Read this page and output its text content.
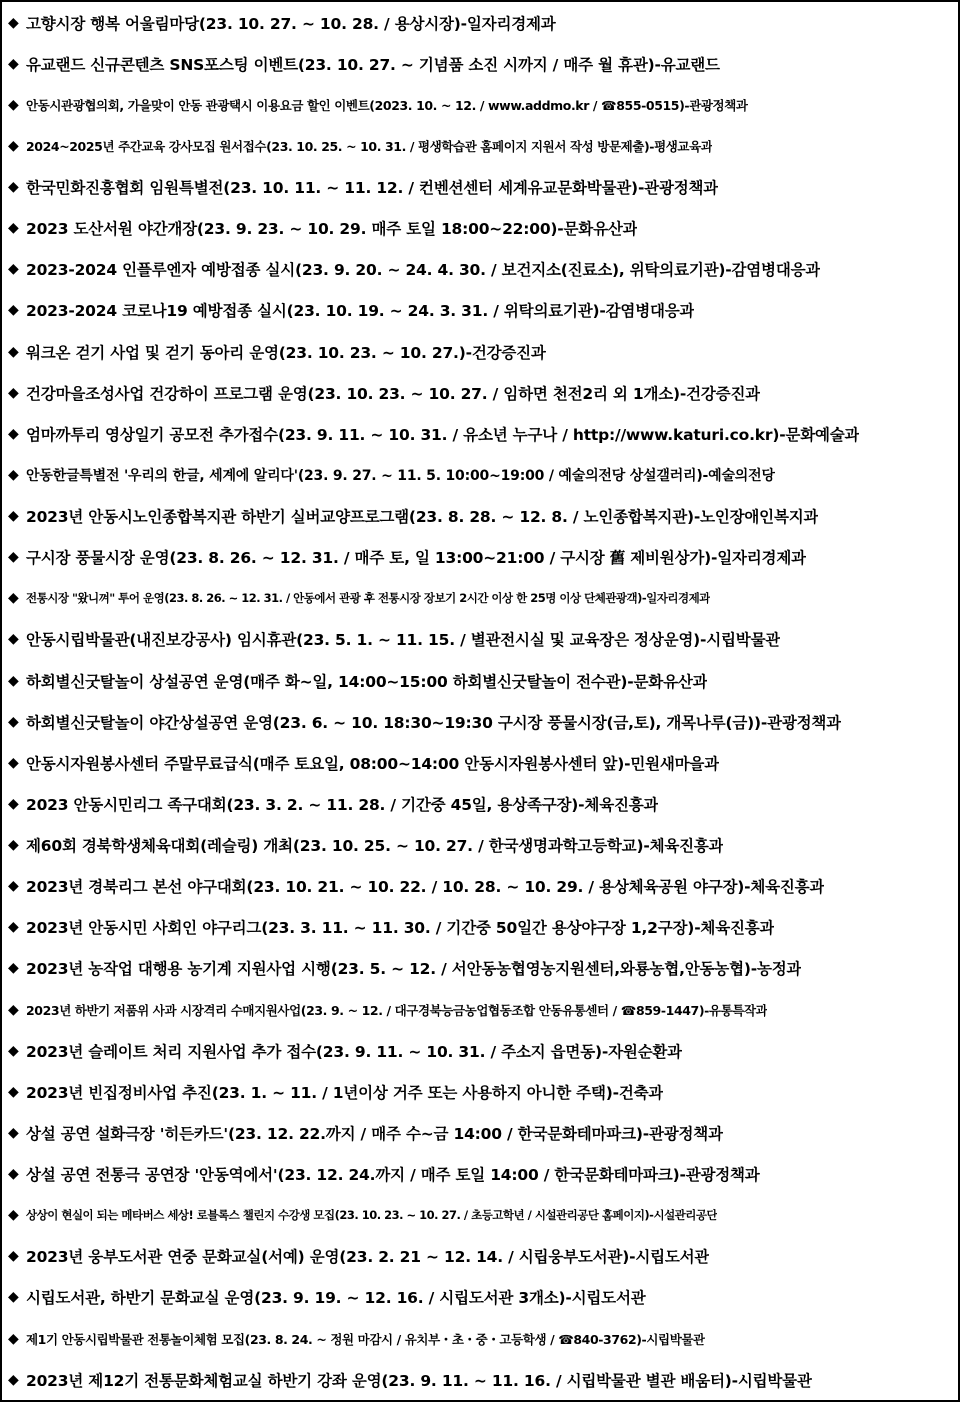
◆ 고향시장 행복 어울림마당(23. 10. 27. ~ 10. 28. / 용상시장)-일자리경제과
◆ 유교랜드 신규콘텐츠 SNS포스팅 이벤트(23. 10. 27. ~ 기념품 소진 시까지 / 매주 월 휴관)-유교랜드
◆ 안동시관광협의회, 가을맞이 안동 관광택시 이용요금 할인 이벤트(2023. 10. ~ 12. / www.addmo.kr / ☎855-0515)-관광정책과
◆ 2024~2025년 주간교육 강사모집 원서접수(23. 10. 25. ~ 10. 31. / 평생학습관 홈페이지 지원서 작성 방문제출)-평생교육과
◆ 한국민화진흥협회 임원특별전(23. 10. 11. ~ 11. 12. / 컨벤션센터 세계유교문화박물관)-관광정책과
◆ 2023 도산서원 야간개장(23. 9. 23. ~ 10. 29. 매주 토일 18:00~22:00)-문화유산과
◆ 2023-2024 인플루엔자 예방접종 실시(23. 9. 20. ~ 24. 4. 30. / 보건지소(진료소), 위탁의료기관)-감염병대응과
◆ 2023-2024 코로나19 예방접종 실시(23. 10. 19. ~ 24. 3. 31. / 위탁의료기관)-감염병대응과
◆ 워크온 걷기 사업 및 걷기 동아리 운영(23. 10. 23. ~ 10. 27.)-건강증진과
◆ 건강마을조성사업 건강하이 프로그램 운영(23. 10. 23. ~ 10. 27. / 임하면 천전2리 외 1개소)-건강증진과
◆ 엄마까투리 영상일기 공모전 추가접수(23. 9. 11. ~ 10. 31. / 유소년 누구나 / http://www.katuri.co.kr)-문화예술과
◆ 안동한글특별전 '우리의 한글, 세계에 알리다'(23. 9. 27. ~ 11. 5. 10:00~19:00 / 예술의전당 상설갤러리)-예술의전당
◆ 2023년 안동시노인종합복지관 하반기 실버교양프로그램(23. 8. 28. ~ 12. 8. / 노인종합복지관)-노인장애인복지과
◆ 구시장 풍물시장 운영(23. 8. 26. ~ 12. 31. / 매주 토, 일 13:00~21:00 / 구시장 舊 제비원상가)-일자리경제과
◆ 전통시장 "왔니껴" 투어 운영(23. 8. 26. ~ 12. 31. / 안동에서 관광 후 전통시장 장보기 2시간 이상 한 25명 이상 단체관광객)-일자리경제과
◆ 안동시립박물관(내진보강공사) 임시휴관(23. 5. 1. ~ 11. 15. / 별관전시실 및 교육장은 정상운영)-시립박물관
◆ 하회별신굿탈놀이 상설공연 운영(매주 화~일, 14:00~15:00 하회별신굿탈놀이 전수관)-문화유산과
◆ 하회별신굿탈놀이 야간상설공연 운영(23. 6. ~ 10. 18:30~19:30 구시장 풍물시장(금,토), 개목나루(금))-관광정책과
◆ 안동시자원봉사센터 주말무료급식(매주 토요일, 08:00~14:00 안동시자원봉사센터 앞)-민원새마을과
◆ 2023 안동시민리그 족구대회(23. 3. 2. ~ 11. 28. / 기간중 45일, 용상족구장)-체육진흥과
◆ 제60회 경북학생체육대회(레슬링) 개최(23. 10. 25. ~ 10. 27. / 한국생명과학고등학교)-체육진흥과
◆ 2023년 경북리그 본선 야구대회(23. 10. 21. ~ 10. 22. / 10. 28. ~ 10. 29. / 용상체육공원 야구장)-체육진흥과
◆ 2023년 안동시민 사회인 야구리그(23. 3. 11. ~ 11. 30. / 기간중 50일간 용상야구장 1,2구장)-체육진흥과
◆ 2023년 농작업 대행용 농기계 지원사업 시행(23. 5. ~ 12. / 서안동농협영농지원센터,와룡농협,안동농협)-농정과
◆ 2023년 하반기 저품위 사과 시장격리 수매지원사업(23. 9. ~ 12. / 대구경북능금농업협동조합 안동유통센터 / ☎859-1447)-유통특작과
◆ 2023년 슬레이트 처리 지원사업 추가 접수(23. 9. 11. ~ 10. 31. / 주소지 읍면동)-자원순환과
◆ 2023년 빈집정비사업 추진(23. 1. ~ 11. / 1년이상 거주 또는 사용하지 아니한 주택)-건축과
◆ 상설 공연 설화극장 '히든카드'(23. 12. 22.까지 / 매주 수~금 14:00 / 한국문화테마파크)-관광정책과
◆ 상설 공연 전통극 공연장 '안동역에서'(23. 12. 24.까지 / 매주 토일 14:00 / 한국문화테마파크)-관광정책과
◆ 상상이 현실이 되는 메타버스 세상! 로블록스 챌린지 수강생 모집(23. 10. 23. ~ 10. 27. / 초등고학년 / 시설관리공단 홈페이지)-시설관리공단
◆ 2023년 웅부도서관 연중 문화교실(서예) 운영(23. 2. 21 ~ 12. 14. / 시립웅부도서관)-시립도서관
◆ 시립도서관, 하반기 문화교실 운영(23. 9. 19. ~ 12. 16. / 시립도서관 3개소)-시립도서관
◆ 제1기 안동시립박물관 전통놀이체험 모집(23. 8. 24. ~ 정원 마감시 / 유치부・초・중・고등학생 / ☎840-3762)-시립박물관
◆ 2023년 제12기 전통문화체험교실 하반기 강좌 운영(23. 9. 11. ~ 11. 16. / 시립박물관 별관 배움터)-시립박물관
